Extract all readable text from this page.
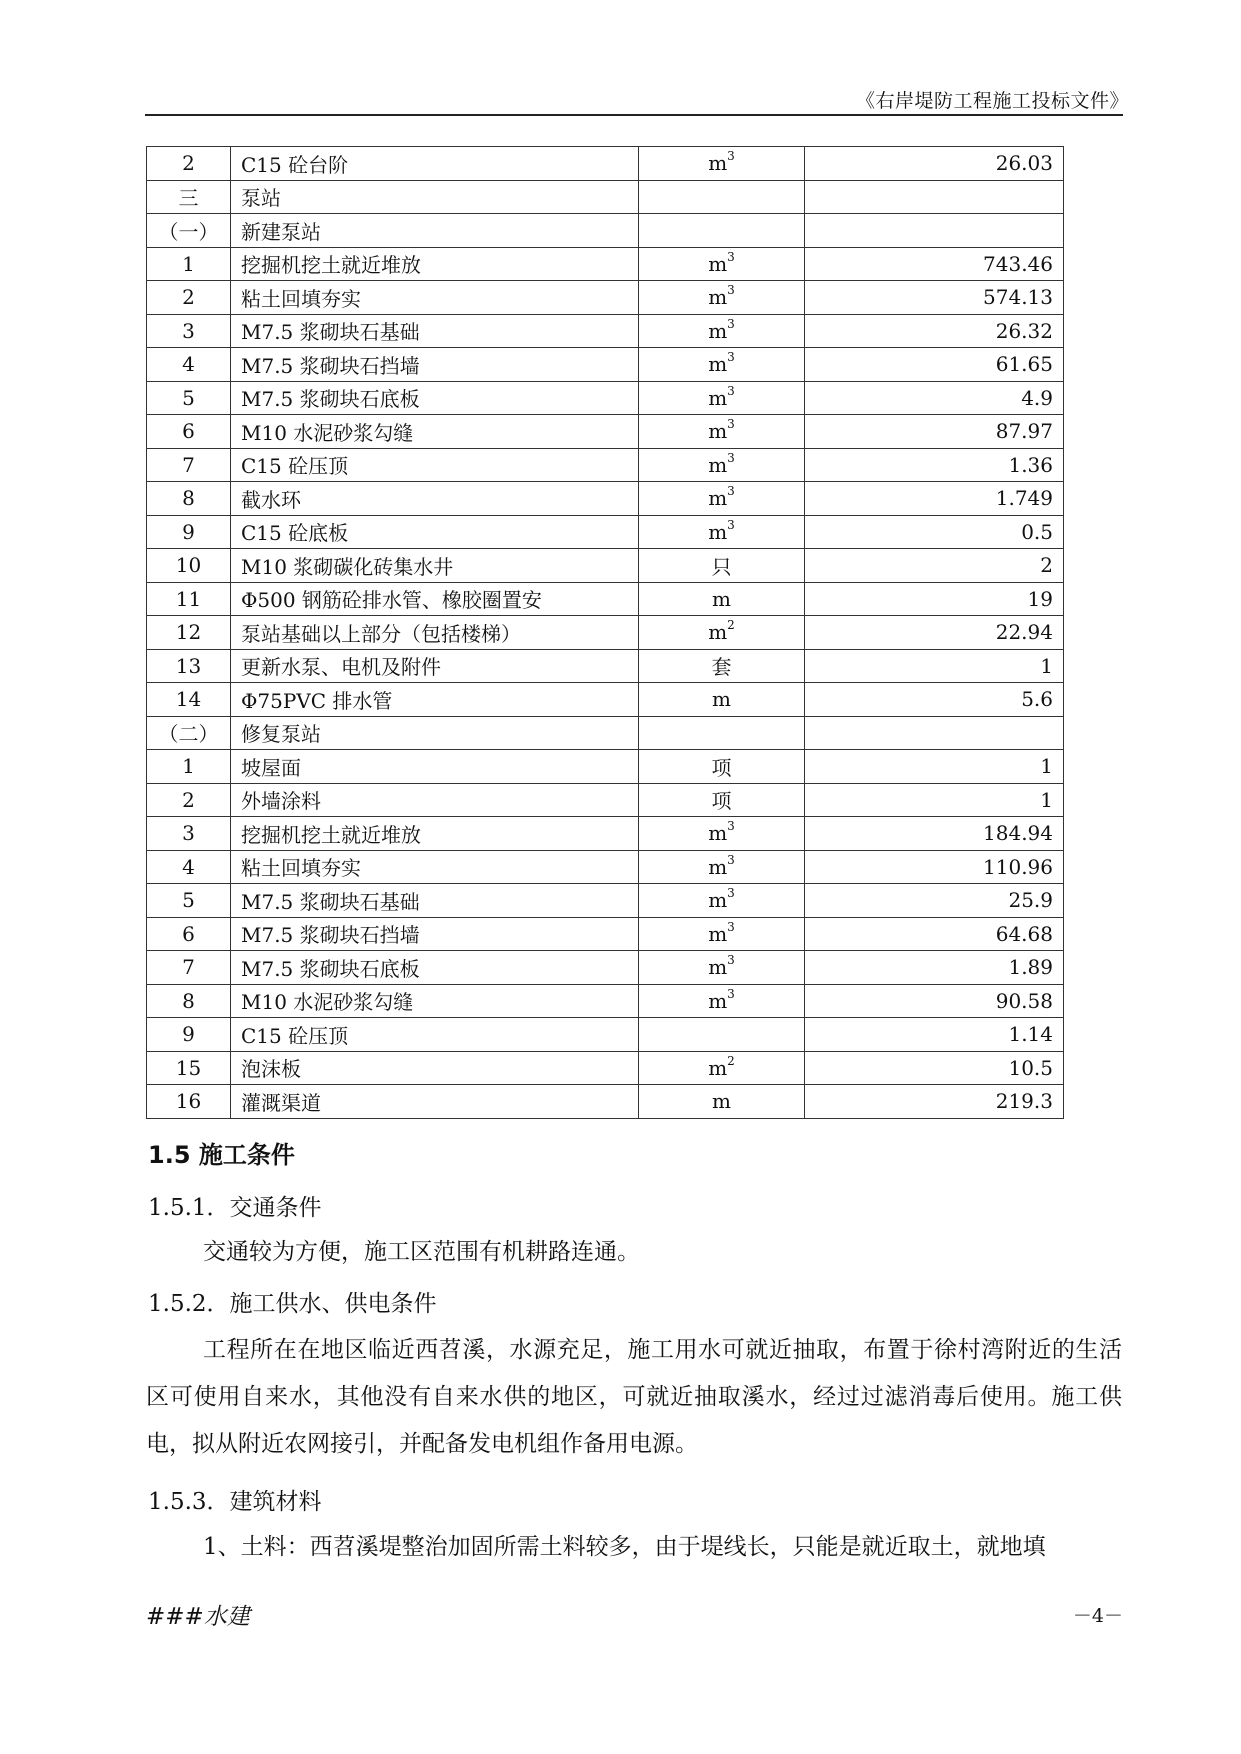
《右岸堤防工程施工投标文件》
2	C15 砼台阶	$m^3$	26.03
三	泵站		
（一）	新建泵站		
1	挖掘机挖土就近堆放	$m^3$	743.46
2	粘土回填夯实	$m^3$	574.13
3	M7.5 浆砌块石基础	$m^3$	26.32
4	M7.5 浆砌块石挡墙	$m^3$	61.65
5	M7.5 浆砌块石底板	$m^3$	4.9
6	M10 水泥砂浆勾缝	$m^3$	87.97
7	C15 砼压顶	$m^3$	1.36
8	截水环	$m^3$	1.749
9	C15 砼底板	$m^3$	0.5
10	M10 浆砌碳化砖集水井	只	2
11	Φ500 钢筋砼排水管、橡胶圈置安	m	19
12	泵站基础以上部分（包括楼梯）	$m^2$	22.94
13	更新水泵、电机及附件	套	1
14	Φ75PVC 排水管	m	5.6
（二）	修复泵站		
1	坡屋面	项	1
2	外墙涂料	项	1
3	挖掘机挖土就近堆放	$m^3$	184.94
4	粘土回填夯实	$m^3$	110.96
5	M7.5 浆砌块石基础	$m^3$	25.9
6	M7.5 浆砌块石挡墙	$m^3$	64.68
7	M7.5 浆砌块石底板	$m^3$	1.89
8	M10 水泥砂浆勾缝	$m^3$	90.58
9	C15 砼压顶		1.14
15	泡沫板	$m^2$	10.5
16	灌溉渠道	m	219.3
1.5 施工条件
1.5.1．交通条件

交通较为方便，施工区范围有机耕路连通。

1.5.2．施工供水、供电条件

工程所在在地区临近西苕溪，水源充足，施工用水可就近抽取，布置于徐村湾附近的生活区可使用自来水，其他没有自来水供的地区，可就近抽取溪水，经过过滤消毒后使用。施工供电，拟从附近农网接引，并配备发电机组作备用电源。

1.5.3．建筑材料

1、土料：西苕溪堤整治加固所需土料较多，由于堤线长，只能是就近取土，就地填

###水建	－4－
